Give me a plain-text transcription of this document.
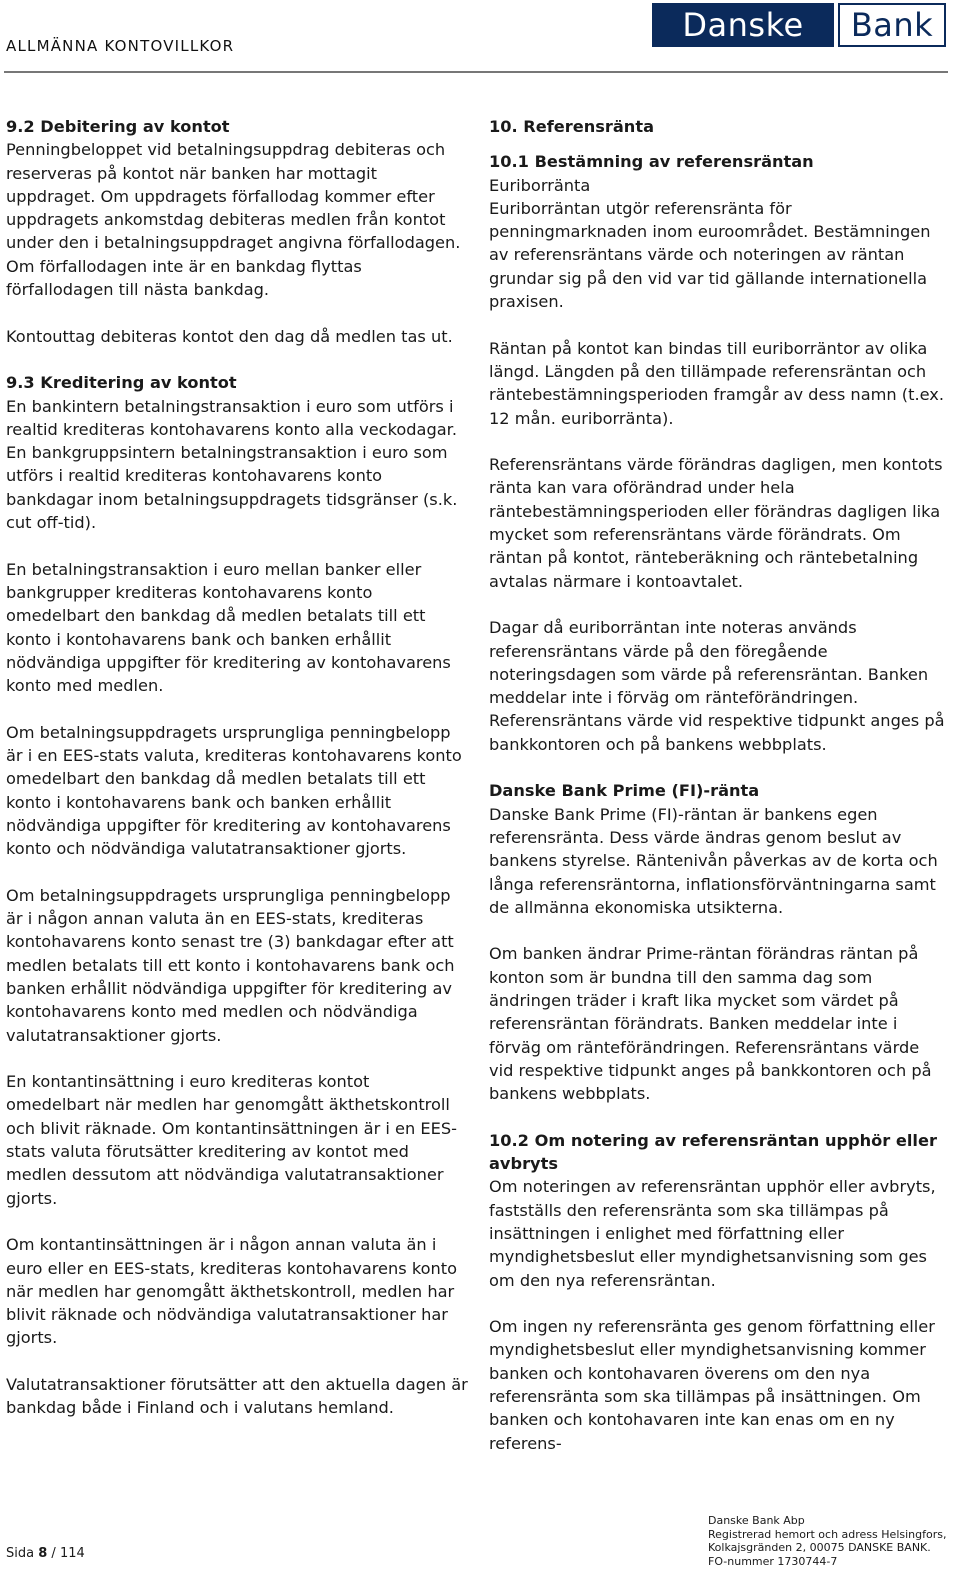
ALLMÄNNA KONTOVILLKOR
Danske	Bank
9.2 Debitering av kontot

Penningbeloppet vid betalningsuppdrag debiteras och reserveras på kontot när banken har mottagit uppdraget. Om uppdragets förfallodag kommer efter uppdragets ankomstdag debiteras medlen från kontot under den i betalningsuppdraget angivna förfallodagen. Om förfallodagen inte är en bankdag flyttas förfallodagen till nästa bankdag.

Kontouttag debiteras kontot den dag då medlen tas ut.

9.3 Kreditering av kontot

En bankintern betalningstransaktion i euro som utförs i realtid krediteras kontohavarens konto alla veckodagar. En bankgruppsintern betalningstransaktion i euro som utförs i realtid krediteras kontohavarens konto bankdagar inom betalningsuppdragets tidsgränser (s.k. cut off-tid).

En betalningstransaktion i euro mellan banker eller bankgrupper krediteras kontohavarens konto omedelbart den bankdag då medlen betalats till ett konto i kontohavarens bank och banken erhållit nödvändiga uppgifter för kreditering av kontohavarens konto med medlen.

Om betalningsuppdragets ursprungliga penningbelopp är i en EES-stats valuta, krediteras kontohavarens konto omedelbart den bankdag då medlen betalats till ett konto i kontohavarens bank och banken erhållit nödvändiga uppgifter för kreditering av kontohavarens konto och nödvändiga valutatransaktioner gjorts.

Om betalningsuppdragets ursprungliga penningbelopp är i någon annan valuta än en EES-stats, krediteras kontohavarens konto senast tre (3) bankdagar efter att medlen betalats till ett konto i kontohavarens bank och banken erhållit nödvändiga uppgifter för kreditering av kontohavarens konto med medlen och nödvändiga valutatransaktioner gjorts.

En kontantinsättning i euro krediteras kontot omedelbart när medlen har genomgått äkthetskontroll och blivit räknade. Om kontantinsättningen är i en EES-stats valuta förutsätter kreditering av kontot med medlen dessutom att nödvändiga valutatransaktioner gjorts.

Om kontantinsättningen är i någon annan valuta än i euro eller en EES-stats, krediteras kontohavarens konto när medlen har genomgått äkthetskontroll, medlen har blivit räknade och nödvändiga valutatransaktioner har gjorts.

Valutatransaktioner förutsätter att den aktuella dagen är bankdag både i Finland och i valutans hemland.

10. Referensränta
10.1 Bestämning av referensräntan
Euriborränta

Euriborräntan utgör referensränta för penningmarknaden inom euroområdet. Bestämningen av referensräntans värde och noteringen av räntan grundar sig på den vid var tid gällande internationella praxisen.

Räntan på kontot kan bindas till euriborräntor av olika längd. Längden på den tillämpade referensräntan och räntebestämningsperioden framgår av dess namn (t.ex. 12 mån. euriborränta).

Referensräntans värde förändras dagligen, men kontots ränta kan vara oförändrad under hela räntebestämningsperioden eller förändras dagligen lika mycket som referensräntans värde förändrats. Om räntan på kontot, ränteberäkning och räntebetalning avtalas närmare i kontoavtalet.

Dagar då euriborräntan inte noteras används referensräntans värde på den föregående noteringsdagen som värde på referensräntan. Banken meddelar inte i förväg om ränteförändringen. Referensräntans värde vid respektive tidpunkt anges på bankkontoren och på bankens webbplats.

Danske Bank Prime (FI)-ränta

Danske Bank Prime (FI)-räntan är bankens egen referensränta. Dess värde ändras genom beslut av bankens styrelse. Räntenivån påverkas av de korta och långa referensräntorna, inflationsförväntningarna samt de allmänna ekonomiska utsikterna.

Om banken ändrar Prime-räntan förändras räntan på konton som är bundna till den samma dag som ändringen träder i kraft lika mycket som värdet på referensräntan förändrats. Banken meddelar inte i förväg om ränteförändringen. Referensräntans värde vid respektive tidpunkt anges på bankkontoren och på bankens webbplats.

10.2 Om notering av referensräntan upphör eller avbryts

Om noteringen av referensräntan upphör eller avbryts, fastställs den referensränta som ska tillämpas på insättningen i enlighet med författning eller myndighetsbeslut eller myndighetsanvisning som ges om den nya referensräntan.

Om ingen ny referensränta ges genom författning eller myndighetsbeslut eller myndighetsanvisning kommer banken och kontohavaren överens om den nya referensränta som ska tillämpas på insättningen. Om banken och kontohavaren inte kan enas om en ny referens-

Sida 8 / 114
Danske Bank Abp
Registrerad hemort och adress Helsingfors,
Kolkajsgränden 2, 00075 DANSKE BANK.
FO-nummer 1730744-7
